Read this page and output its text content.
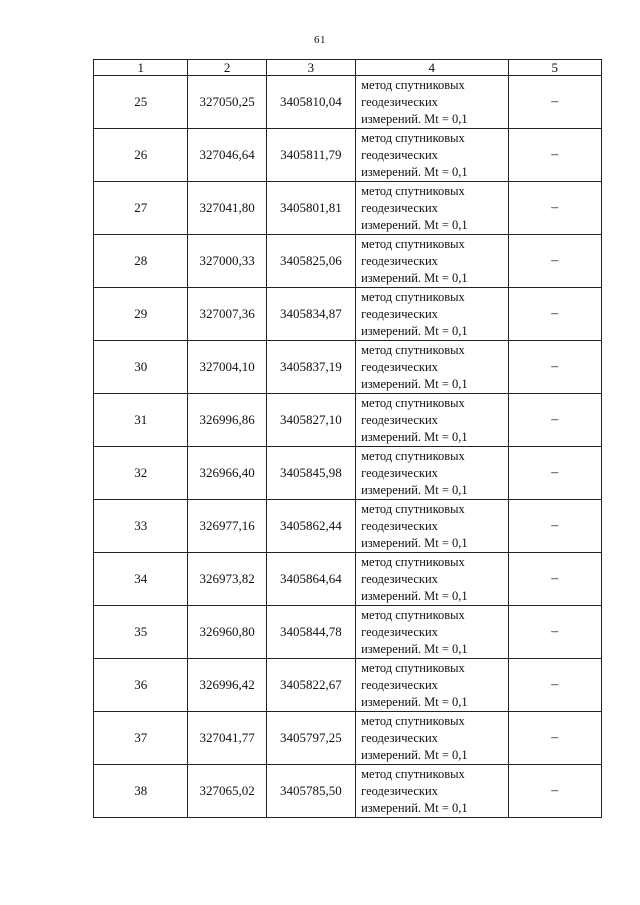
61
1	2	3	4	5
25	327050,25	3405810,04	метод спутниковых
геодезических
измерений. Mt = 0,1	–
26	327046,64	3405811,79	метод спутниковых
геодезических
измерений. Mt = 0,1	–
27	327041,80	3405801,81	метод спутниковых
геодезических
измерений. Mt = 0,1	–
28	327000,33	3405825,06	метод спутниковых
геодезических
измерений. Mt = 0,1	–
29	327007,36	3405834,87	метод спутниковых
геодезических
измерений. Mt = 0,1	–
30	327004,10	3405837,19	метод спутниковых
геодезических
измерений. Mt = 0,1	–
31	326996,86	3405827,10	метод спутниковых
геодезических
измерений. Mt = 0,1	–
32	326966,40	3405845,98	метод спутниковых
геодезических
измерений. Mt = 0,1	–
33	326977,16	3405862,44	метод спутниковых
геодезических
измерений. Mt = 0,1	–
34	326973,82	3405864,64	метод спутниковых
геодезических
измерений. Mt = 0,1	–
35	326960,80	3405844,78	метод спутниковых
геодезических
измерений. Mt = 0,1	–
36	326996,42	3405822,67	метод спутниковых
геодезических
измерений. Mt = 0,1	–
37	327041,77	3405797,25	метод спутниковых
геодезических
измерений. Mt = 0,1	–
38	327065,02	3405785,50	метод спутниковых
геодезических
измерений. Mt = 0,1	–
